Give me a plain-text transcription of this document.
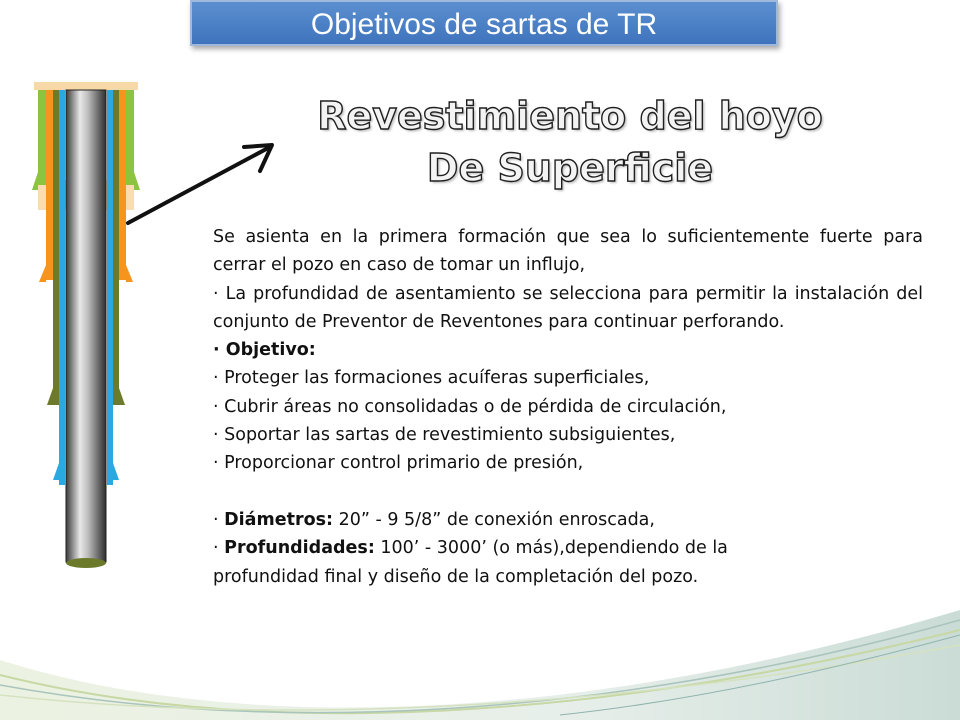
Objetivos de sartas de TR
Revestimiento del hoyo
De Superficie

Se asienta en la primera formación que sea lo suficientemente fuerte para cerrar el pozo en caso de tomar un influjo,

· La profundidad de asentamiento se selecciona para permitir la instalación del conjunto de Preventor de Reventones para continuar perforando.

· Objetivo:

· Proteger las formaciones acuíferas superficiales,

· Cubrir áreas no consolidadas o de pérdida de circulación,

· Soportar las sartas de revestimiento subsiguientes,

· Proporcionar control primario de presión,

· Diámetros: 20” - 9 5/8” de conexión enroscada,

· Profundidades: 100’ - 3000’ (o más),dependiendo de la

profundidad final y diseño de la completación del pozo.
